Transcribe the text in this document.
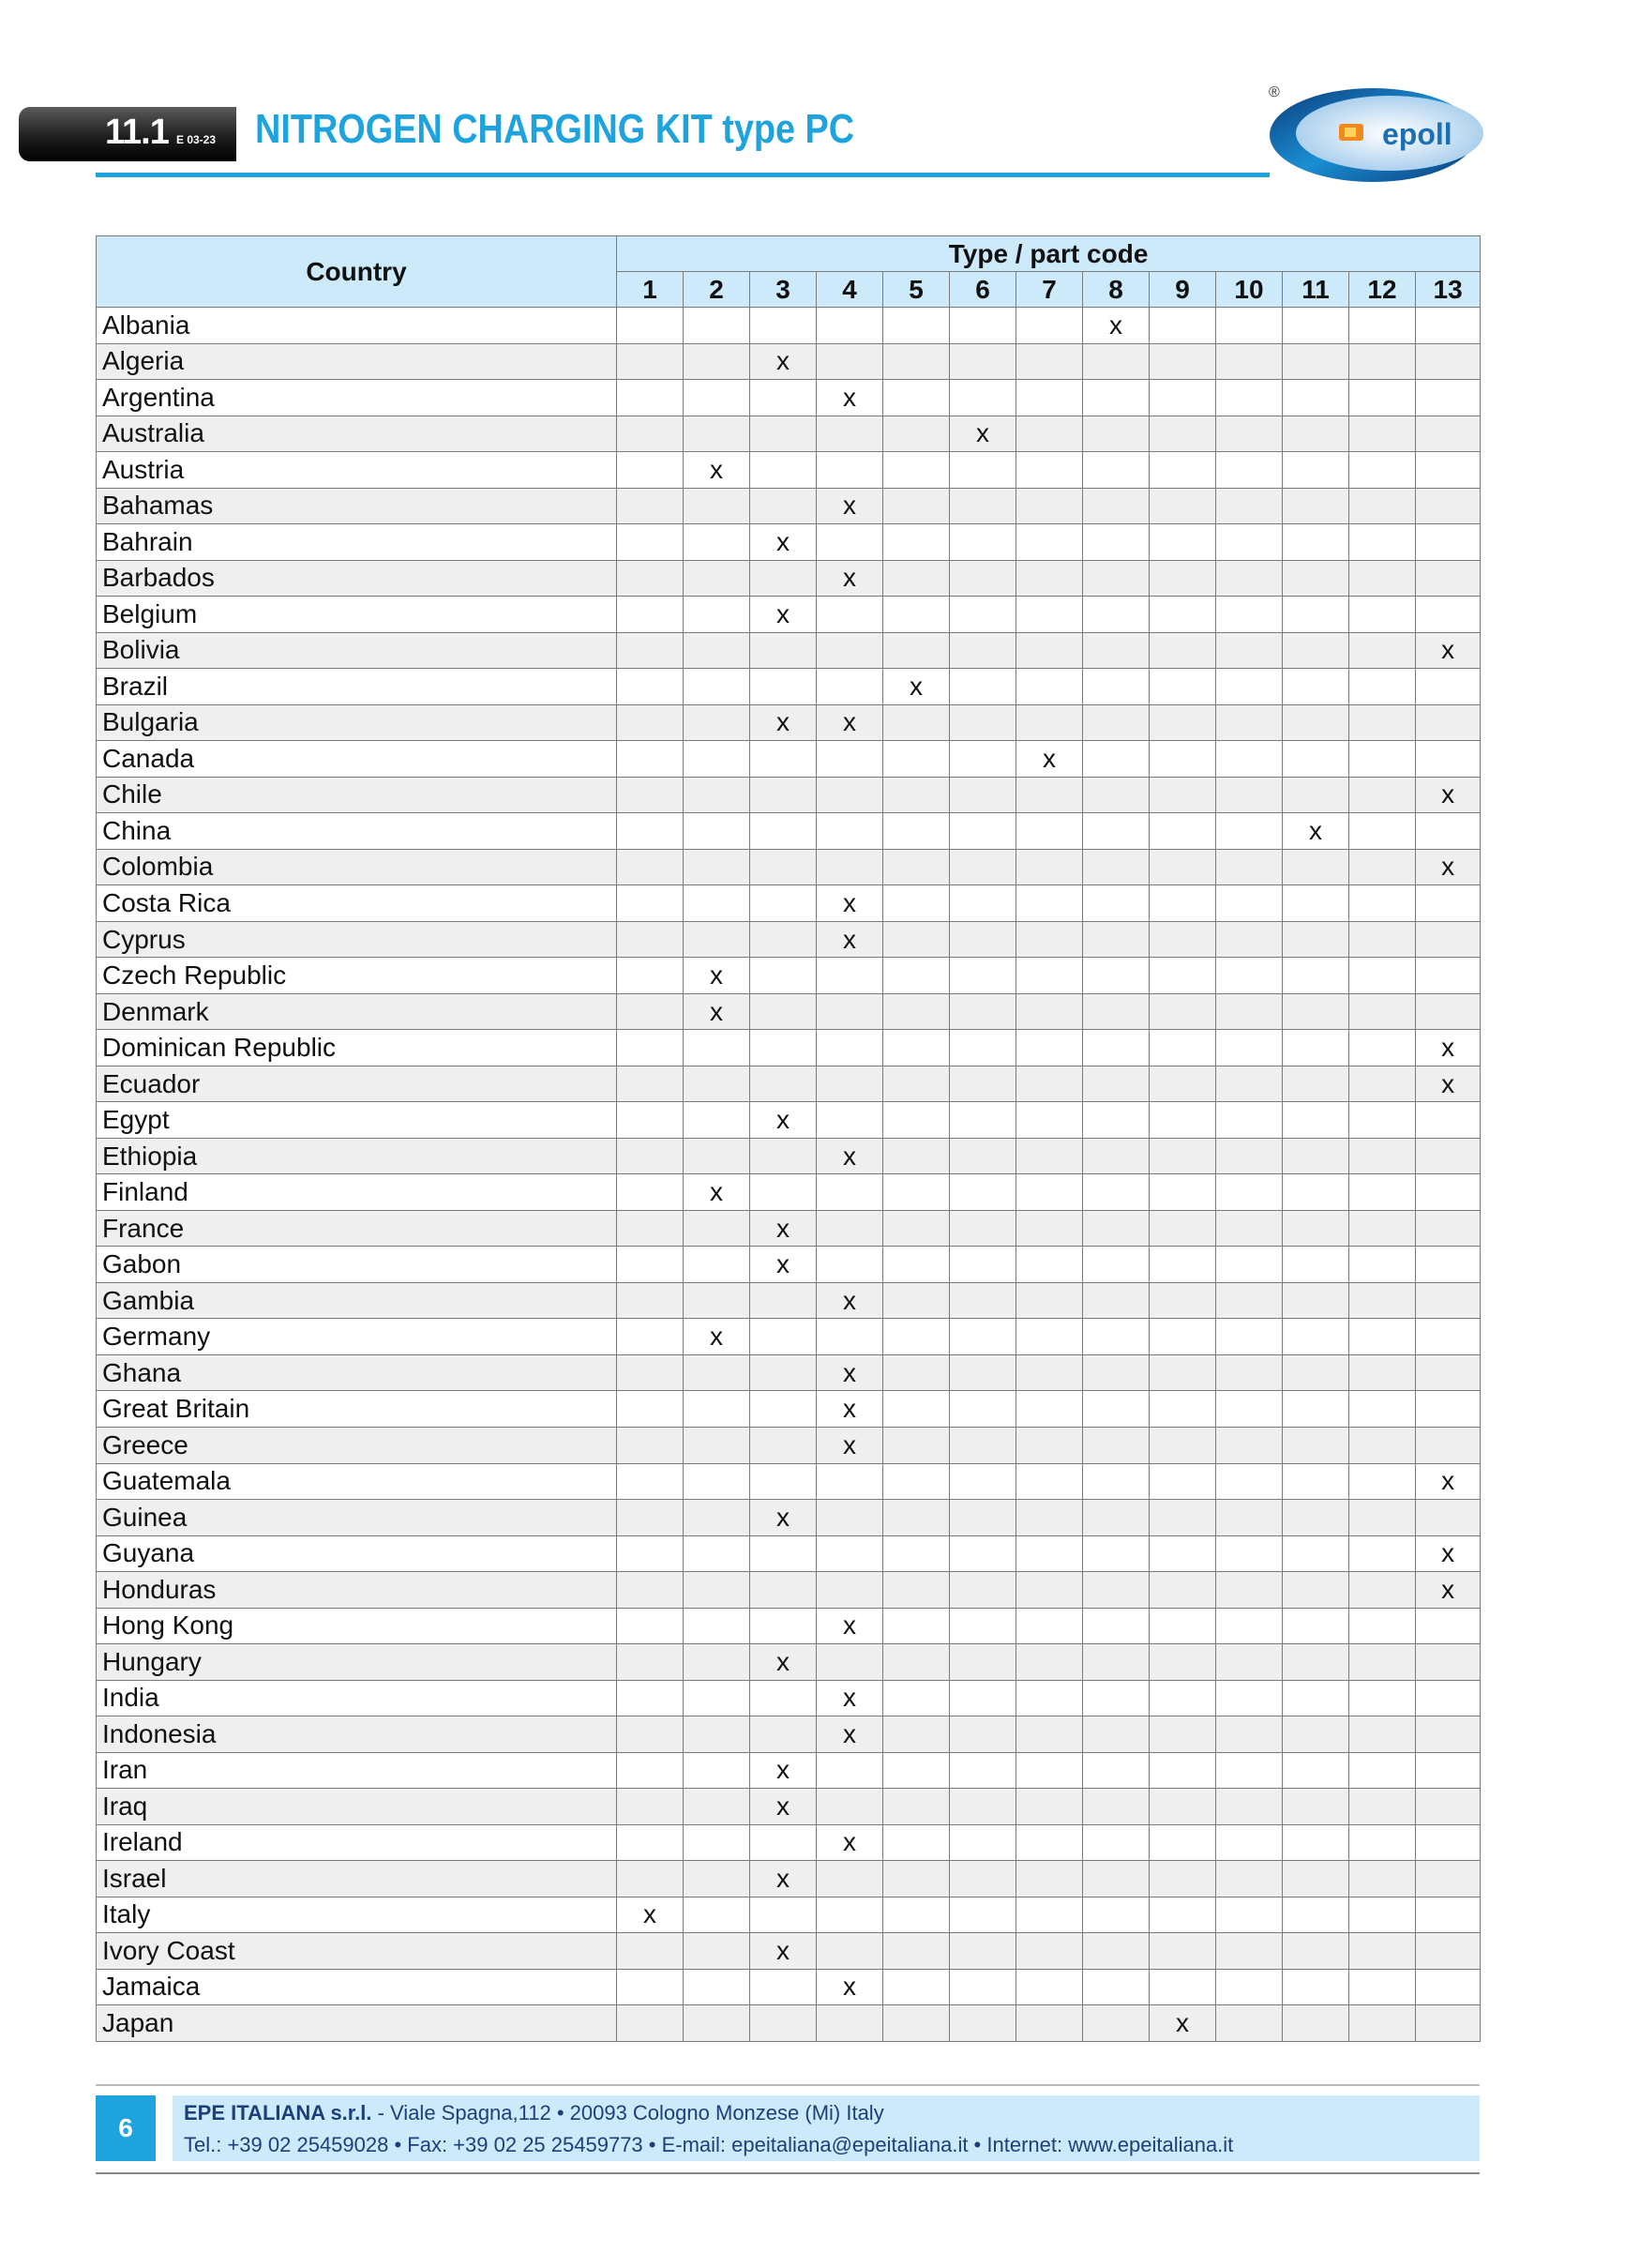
11.1 E 03-23 NITROGEN CHARGING KIT type PC
®
epoll
Country	Type / part code												
	1	2	3	4	5	6	7	8	9	10	11	12	13
Albania								x					
Algeria			x										
Argentina				x									
Australia						x							
Austria		x											
Bahamas				x									
Bahrain			x										
Barbados				x									
Belgium			x										
Bolivia													x
Brazil					x								
Bulgaria			x	x									
Canada							x						
Chile													x
China											x		
Colombia													x
Costa Rica				x									
Cyprus				x									
Czech Republic		x											
Denmark		x											
Dominican Republic													x
Ecuador													x
Egypt			x										
Ethiopia				x									
Finland		x											
France			x										
Gabon			x										
Gambia				x									
Germany		x											
Ghana				x									
Great Britain				x									
Greece				x									
Guatemala													x
Guinea			x										
Guyana													x
Honduras													x
Hong Kong				x									
Hungary			x										
India				x									
Indonesia				x									
Iran			x										
Iraq			x										
Ireland				x									
Israel			x										
Italy	x												
Ivory Coast			x										
Jamaica				x									
Japan									x				
6
EPE ITALIANA s.r.l. - Viale Spagna,112 • 20093 Cologno Monzese (Mi) Italy
Tel.: +39 02 25459028 • Fax: +39 02 25 25459773 • E-mail: epeitaliana@epeitaliana.it • Internet: www.epeitaliana.it
